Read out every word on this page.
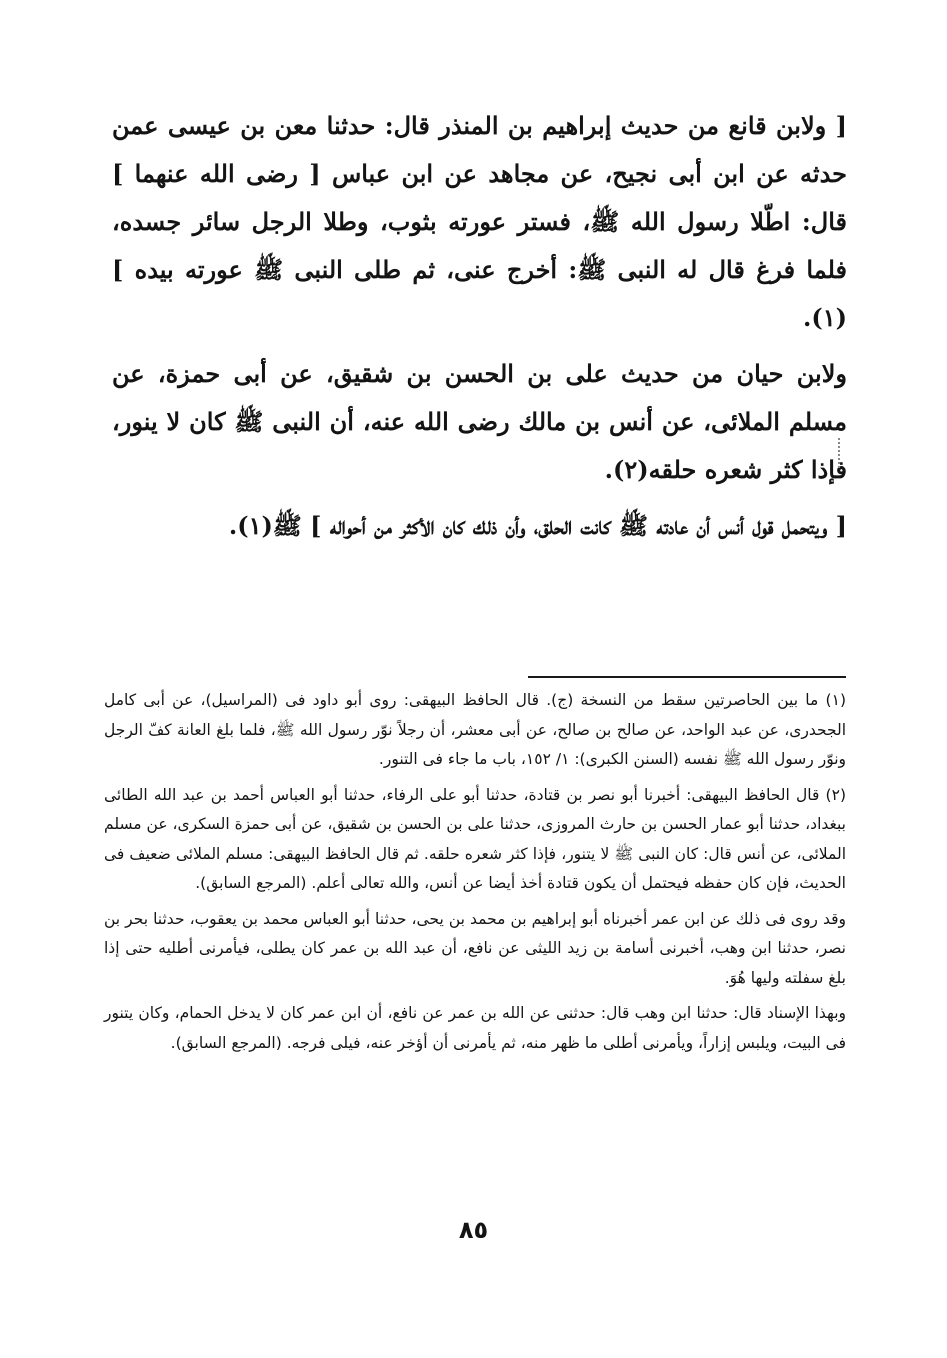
[ ولابن قانع من حديث إبراهيم بن المنذر قال: حدثنا معن بن عيسى عمن حدثه عن ابن أبى نجيح، عن مجاهد عن ابن عباس [ رضى الله عنهما ] قال: اطّلا رسول الله ﷺ، فستر عورته بثوب، وطلا الرجل سائر جسده، فلما فرغ قال له النبى ﷺ: أخرج عنى، ثم طلى النبى ﷺ عورته بيده ](١).

ولابن حيان من حديث على بن الحسن بن شقيق، عن أبى حمزة، عن مسلم الملائى، عن أنس بن مالك رضى الله عنه، أن النبى ﷺ كان لا ينور، فإذا كثر شعره حلقه(٢).

[ ويتحمل قول أنس أن عادته ﷺ كانت الحلق، وأن ذلك كان الأكثر من أحواله ] ﷺ(١).

(١) ما بين الحاصرتين سقط من النسخة (ج). قال الحافظ البيهقى: روى أبو داود فى (المراسيل)، عن أبى كامل الجحدرى، عن عبد الواحد، عن صالح بن صالح، عن أبى معشر، أن رجلاً نوّر رسول الله ﷺ، فلما بلغ العانة كفّ الرجل ونوّر رسول الله ﷺ نفسه (السنن الكبرى): ١/ ١٥٢، باب ما جاء فى التنور.

(٢) قال الحافظ البيهقى: أخبرنا أبو نصر بن قتادة، حدثنا أبو على الرفاء، حدثنا أبو العباس أحمد بن عبد الله الطائى ببغداد، حدثنا أبو عمار الحسن بن حارث المروزى، حدثنا على بن الحسن بن شقيق، عن أبى حمزة السكرى، عن مسلم الملائى، عن أنس قال: كان النبى ﷺ لا يتنور، فإذا كثر شعره حلقه. ثم قال الحافظ البيهقى: مسلم الملائى ضعيف فى الحديث، فإن كان حفظه فيحتمل أن يكون قتادة أخذ أيضا عن أنس، والله تعالى أعلم. (المرجع السابق).

وقد روى فى ذلك عن ابن عمر أخبرناه أبو إبراهيم بن محمد بن يحى، حدثنا أبو العباس محمد بن يعقوب، حدثنا بحر بن نصر، حدثنا ابن وهب، أخبرنى أسامة بن زيد الليثى عن نافع، أن عبد الله بن عمر كان يطلى، فيأمرنى أطليه حتى إذا بلغ سفلته وليها هُوَ.

وبهذا الإسناد قال: حدثنا ابن وهب قال: حدثنى عن الله بن عمر عن نافع، أن ابن عمر كان لا يدخل الحمام، وكان يتنور فى البيت، ويلبس إزاراً، ويأمرنى أطلى ما ظهر منه، ثم يأمرنى أن أؤخر عنه، فيلى فرجه. (المرجع السابق).

٨٥
